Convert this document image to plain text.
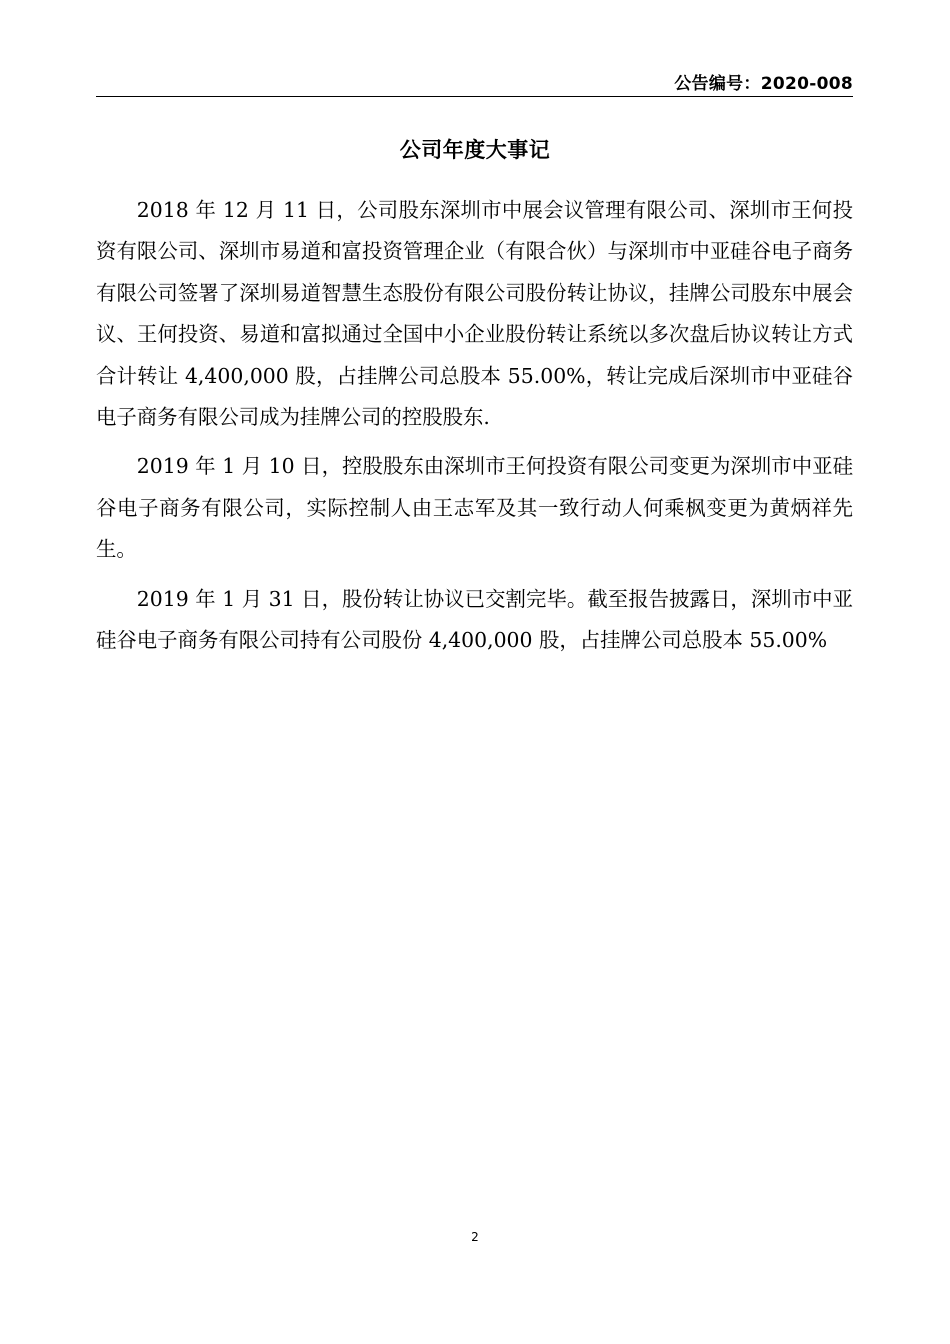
公告编号：2020-008
公司年度大事记

2018 年 12 月 11 日，公司股东深圳市中展会议管理有限公司、深圳市王何投资有限公司、深圳市易道和富投资管理企业（有限合伙）与深圳市中亚硅谷电子商务有限公司签署了深圳易道智慧生态股份有限公司股份转让协议，挂牌公司股东中展会议、王何投资、易道和富拟通过全国中小企业股份转让系统以多次盘后协议转让方式合计转让 4,400,000 股，占挂牌公司总股本 55.00%，转让完成后深圳市中亚硅谷电子商务有限公司成为挂牌公司的控股股东.

2019 年 1 月 10 日，控股股东由深圳市王何投资有限公司变更为深圳市中亚硅谷电子商务有限公司，实际控制人由王志军及其一致行动人何乘枫变更为黄炳祥先生。

2019 年 1 月 31 日，股份转让协议已交割完毕。截至报告披露日，深圳市中亚硅谷电子商务有限公司持有公司股份 4,400,000 股，占挂牌公司总股本 55.00%

2
